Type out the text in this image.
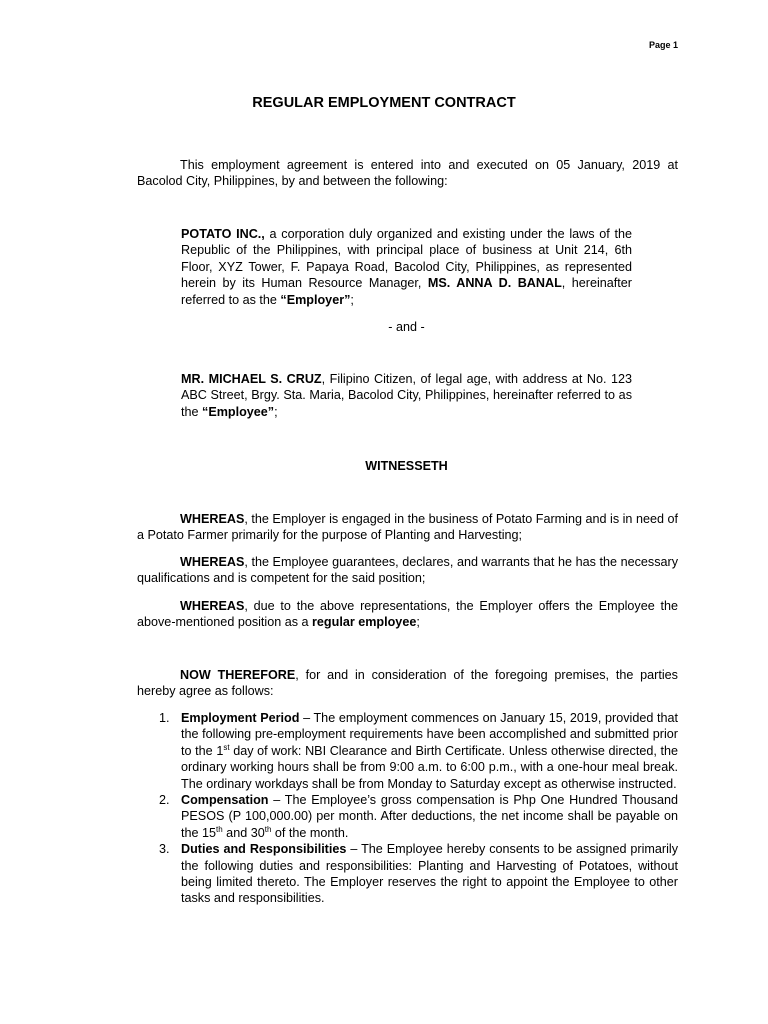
Page 1
REGULAR EMPLOYMENT CONTRACT
This employment agreement is entered into and executed on 05 January, 2019 at Bacolod City, Philippines, by and between the following:
POTATO INC., a corporation duly organized and existing under the laws of the Republic of the Philippines, with principal place of business at Unit 214, 6th Floor, XYZ Tower, F. Papaya Road, Bacolod City, Philippines, as represented herein by its Human Resource Manager, MS. ANNA D. BANAL, hereinafter referred to as the “Employer”;
- and -
MR. MICHAEL S. CRUZ, Filipino Citizen, of legal age, with address at No. 123 ABC Street, Brgy. Sta. Maria, Bacolod City, Philippines, hereinafter referred to as the “Employee”;
WITNESSETH
WHEREAS, the Employer is engaged in the business of Potato Farming and is in need of a Potato Farmer primarily for the purpose of Planting and Harvesting;
WHEREAS, the Employee guarantees, declares, and warrants that he has the necessary qualifications and is competent for the said position;
WHEREAS, due to the above representations, the Employer offers the Employee the above-mentioned position as a regular employee;
NOW THEREFORE, for and in consideration of the foregoing premises, the parties hereby agree as follows:
1. Employment Period – The employment commences on January 15, 2019, provided that the following pre-employment requirements have been accomplished and submitted prior to the 1st day of work: NBI Clearance and Birth Certificate. Unless otherwise directed, the ordinary working hours shall be from 9:00 a.m. to 6:00 p.m., with a one-hour meal break. The ordinary workdays shall be from Monday to Saturday except as otherwise instructed.
2. Compensation – The Employee’s gross compensation is Php One Hundred Thousand PESOS (P 100,000.00) per month. After deductions, the net income shall be payable on the 15th and 30th of the month.
3. Duties and Responsibilities – The Employee hereby consents to be assigned primarily the following duties and responsibilities: Planting and Harvesting of Potatoes, without being limited thereto. The Employer reserves the right to appoint the Employee to other tasks and responsibilities.
